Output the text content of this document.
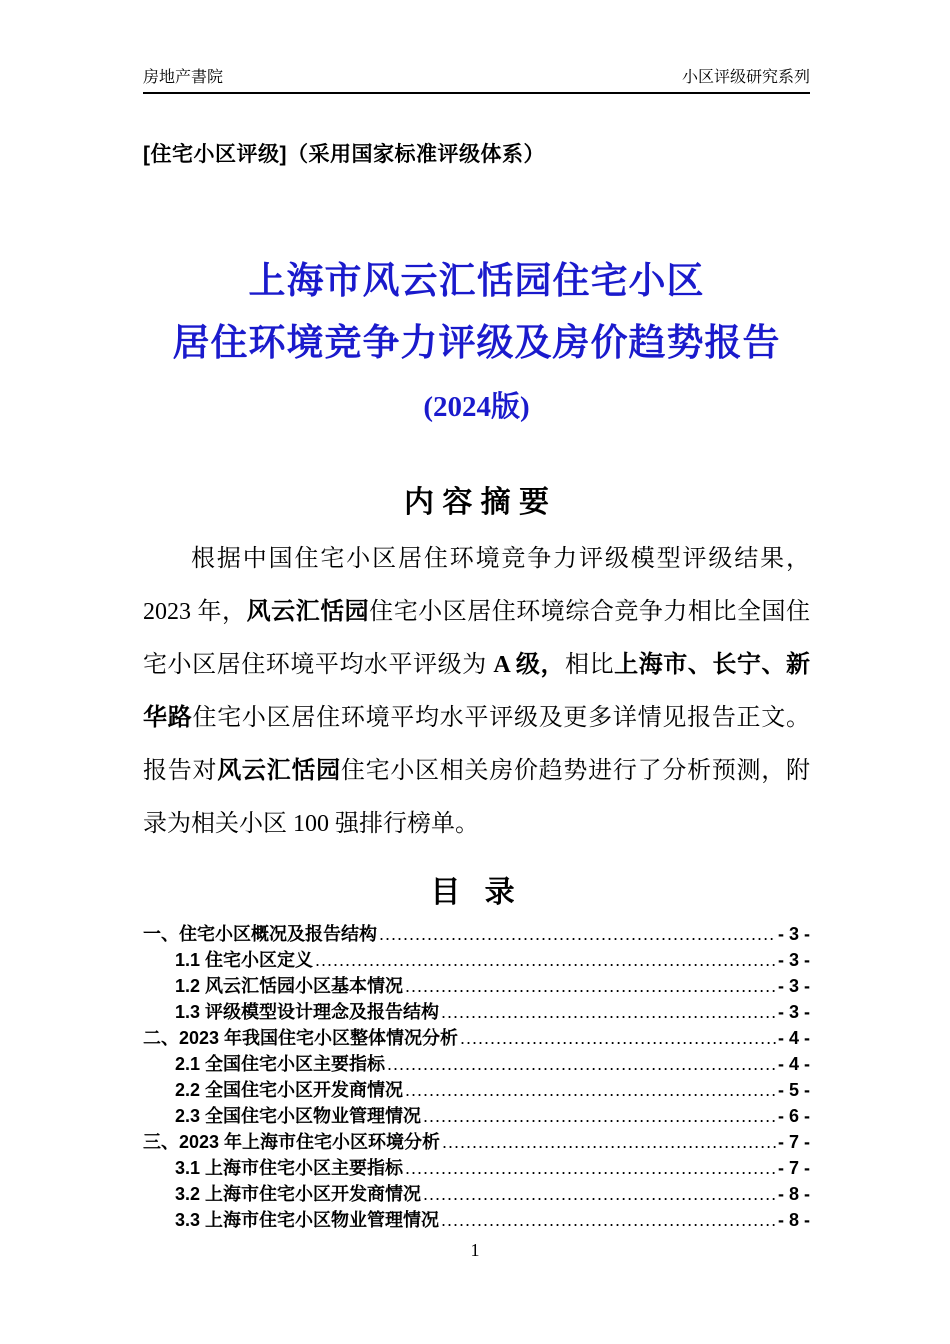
房地产書院	小区评级研究系列
[住宅小区评级]（采用国家标准评级体系）
上海市风云汇恬园住宅小区
居住环境竞争力评级及房价趋势报告
(2024版)
内 容 摘 要
根据中国住宅小区居住环境竞争力评级模型评级结果，
2023 年，风云汇恬园住宅小区居住环境综合竞争力相比全国住
宅小区居住环境平均水平评级为 A 级，相比上海市、长宁、新
华路住宅小区居住环境平均水平评级及更多详情见报告正文。
报告对风云汇恬园住宅小区相关房价趋势进行了分析预测，附
录为相关小区 100 强排行榜单。
目 录
一、住宅小区概况及报告结构 .....	- 3 -
1.1 住宅小区定义 .....	- 3 -
1.2 风云汇恬园小区基本情况 .....	- 3 -
1.3 评级模型设计理念及报告结构 .....	- 3 -
二、2023 年我国住宅小区整体情况分析 .....	- 4 -
2.1 全国住宅小区主要指标 .....	- 4 -
2.2 全国住宅小区开发商情况 .....	- 5 -
2.3 全国住宅小区物业管理情况 .....	- 6 -
三、2023 年上海市住宅小区环境分析 .....	- 7 -
3.1 上海市住宅小区主要指标 .....	- 7 -
3.2 上海市住宅小区开发商情况 .....	- 8 -
3.3 上海市住宅小区物业管理情况 .....	- 8 -
1
